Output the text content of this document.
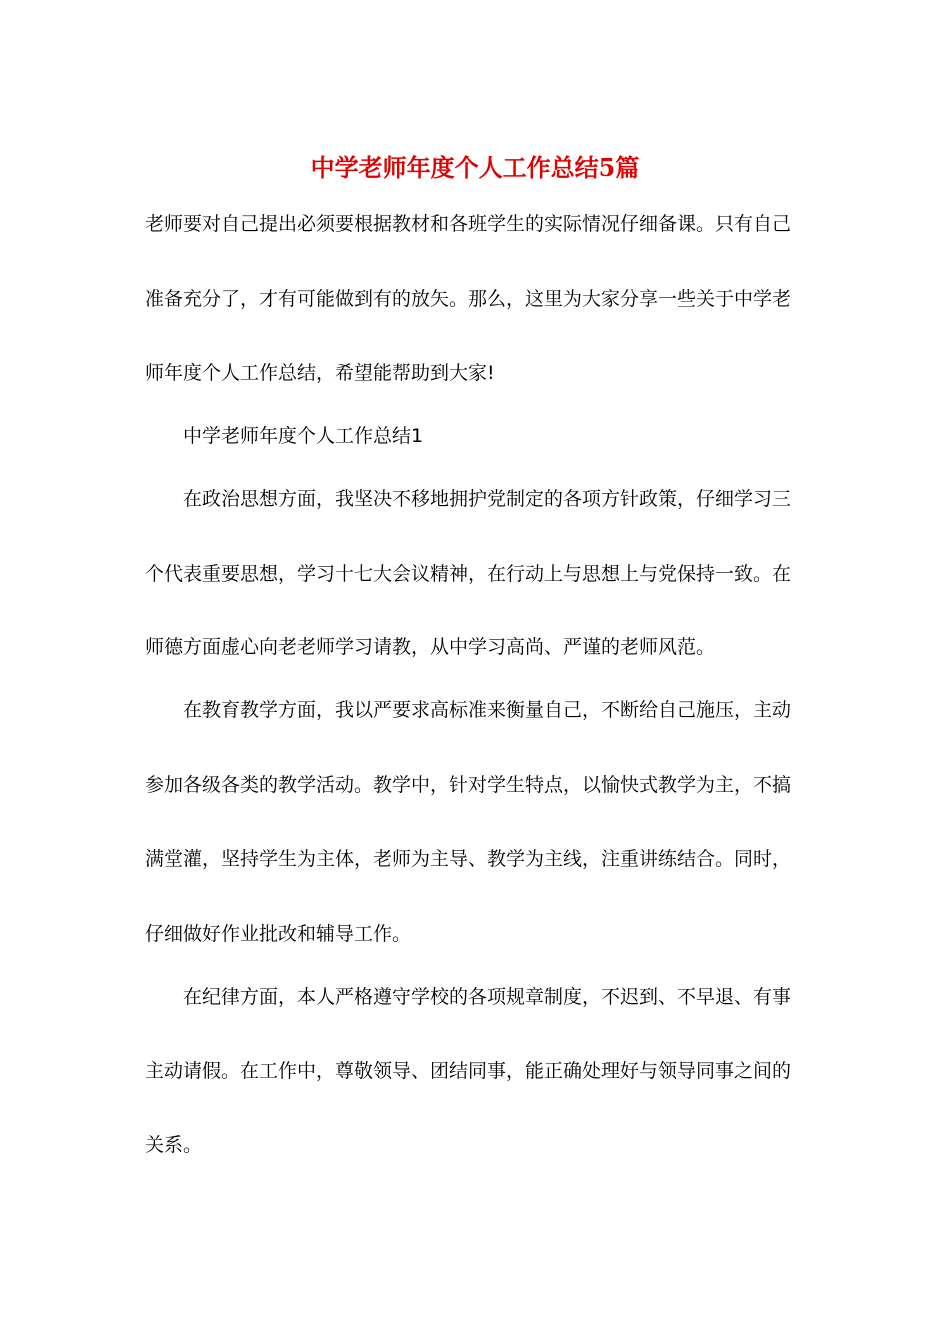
中学老师年度个人工作总结5篇

老师要对自己提出必须要根据教材和各班学生的实际情况仔细备课。只有自己

准备充分了，才有可能做到有的放矢。那么，这里为大家分享一些关于中学老

师年度个人工作总结，希望能帮助到大家!

中学老师年度个人工作总结1

在政治思想方面，我坚决不移地拥护党制定的各项方针政策，仔细学习三

个代表重要思想，学习十七大会议精神，在行动上与思想上与党保持一致。在

师德方面虚心向老老师学习请教，从中学习高尚、严谨的老师风范。

在教育教学方面，我以严要求高标准来衡量自己，不断给自己施压，主动

参加各级各类的教学活动。教学中，针对学生特点，以愉快式教学为主，不搞

满堂灌，坚持学生为主体，老师为主导、教学为主线，注重讲练结合。同时，

仔细做好作业批改和辅导工作。

在纪律方面，本人严格遵守学校的各项规章制度，不迟到、不早退、有事

主动请假。在工作中，尊敬领导、团结同事，能正确处理好与领导同事之间的

关系。
